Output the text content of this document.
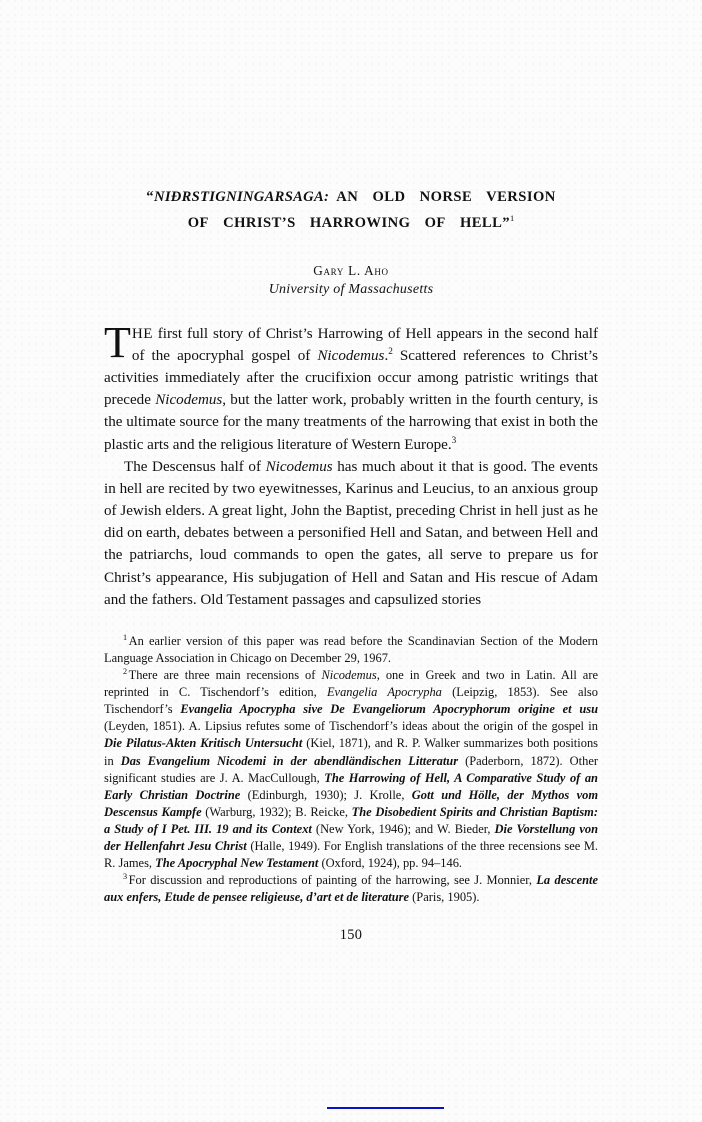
“NIÐRSTIGNINGARSAGA: AN  OLD  NORSE  VERSION
OF  CHRIST’S  HARROWING  OF  HELL”$^1$
Gary L. Aho
University of Massachusetts

THE first full story of Christ’s Harrowing of Hell appears in the second half of the apocryphal gospel of Nicodemus.$^2$ Scattered references to Christ’s activities immediately after the crucifixion occur among patristic writings that precede Nicodemus, but the latter work, probably written in the fourth century, is the ultimate source for the many treatments of the harrowing that exist in both the plastic arts and the religious literature of Western Europe.$^3$

The Descensus half of Nicodemus has much about it that is good. The events in hell are recited by two eyewitnesses, Karinus and Leucius, to an anxious group of Jewish elders. A great light, John the Baptist, preceding Christ in hell just as he did on earth, debates between a personified Hell and Satan, and between Hell and the patriarchs, loud commands to open the gates, all serve to prepare us for Christ’s appearance, His subjugation of Hell and Satan and His rescue of Adam and the fathers. Old Testament passages and capsulized stories

$^1$ An earlier version of this paper was read before the Scandinavian Section of the Modern Language Association in Chicago on December 29, 1967.

$^2$ There are three main recensions of Nicodemus, one in Greek and two in Latin. All are reprinted in C. Tischendorf’s edition, Evangelia Apocrypha (Leipzig, 1853). See also Tischendorf’s Evangelia Apocrypha sive De Evangeliorum Apocryphorum origine et usu (Leyden, 1851). A. Lipsius refutes some of Tischendorf’s ideas about the origin of the gospel in Die Pilatus-Akten Kritisch Untersucht (Kiel, 1871), and R. P. Walker summarizes both positions in Das Evangelium Nicodemi in der abendländischen Litteratur (Paderborn, 1872). Other significant studies are J. A. MacCullough, The Harrowing of Hell, A Comparative Study of an Early Christian Doctrine (Edinburgh, 1930); J. Krolle, Gott und Hölle, der Mythos vom Descensus Kampfe (Warburg, 1932); B. Reicke, The Disobedient Spirits and Christian Baptism: a Study of I Pet. III. 19 and its Context (New York, 1946); and W. Bieder, Die Vorstellung von der Hellenfahrt Jesu Christ (Halle, 1949). For English translations of the three recensions see M. R. James, The Apocryphal New Testament (Oxford, 1924), pp. 94–146.

$^3$ For discussion and reproductions of painting of the harrowing, see J. Monnier, La descente aux enfers, Etude de pensee religieuse, d’art et de literature (Paris, 1905).

150
